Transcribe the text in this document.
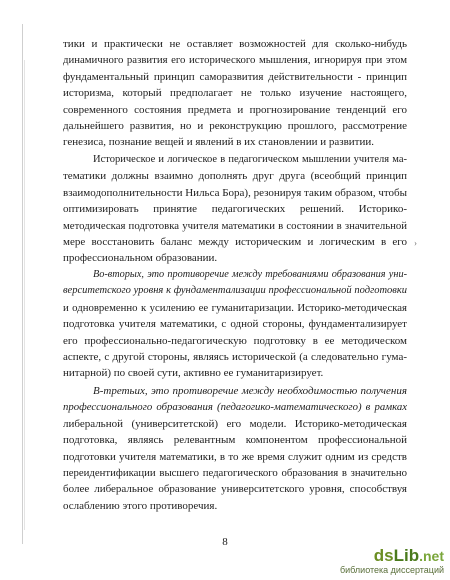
тики и практически не оставляет возможностей для сколько-нибудь
динамичного развития его исторического мышления, игнорируя при этом
фундаментальный принцип саморазвития действительности - принцип
историзма, который предполагает не только изучение настоящего,
современного состояния предмета и прогнозирование тенденций его
дальнейшего развития, но и реконструкцию прошлого, рассмотрение
генезиса, познание вещей и явлений в их становлении и развитии.

Историческое и логическое в педагогическом мышлении учителя ма-
тематики должны взаимно дополнять друг друга (всеобщий принцип
взаимодополнительности Нильса Бора), резонируя таким образом, чтобы
оптимизировать принятие педагогических решений. Историко-
методическая подготовка учителя математики в состоянии в значительной
мере восстановить баланс между историческим и логическим в его
профессиональном образовании.

Во-вторых, это противоречие между требованиями образования уни-
верситетского уровня к фундаментализации профессиональной подготовки
и одновременно к усилению ее гуманитаризации. Историко-методическая
подготовка учителя математики, с одной стороны, фундаментализирует
его профессионально-педагогическую подготовку в ее методическом
аспекте, с другой стороны, являясь исторической (а следовательно гума-
нитарной) по своей сути, активно ее гуманитаризирует.

В-третьих, это противоречие между необходимостью получения
профессионального образования (педагогико-математического) в рамках
либеральной (университетской) его модели. Историко-методическая
подготовка, являясь релевантным компонентом профессиональной
подготовки учителя математики, в то же время служит одним из средств
переидентификации высшего педагогического образования в значительно
более либеральное образование университетского уровня, способствуя
ослаблению этого противоречия.

›
8
dsLib.net
библиотека диссертаций
